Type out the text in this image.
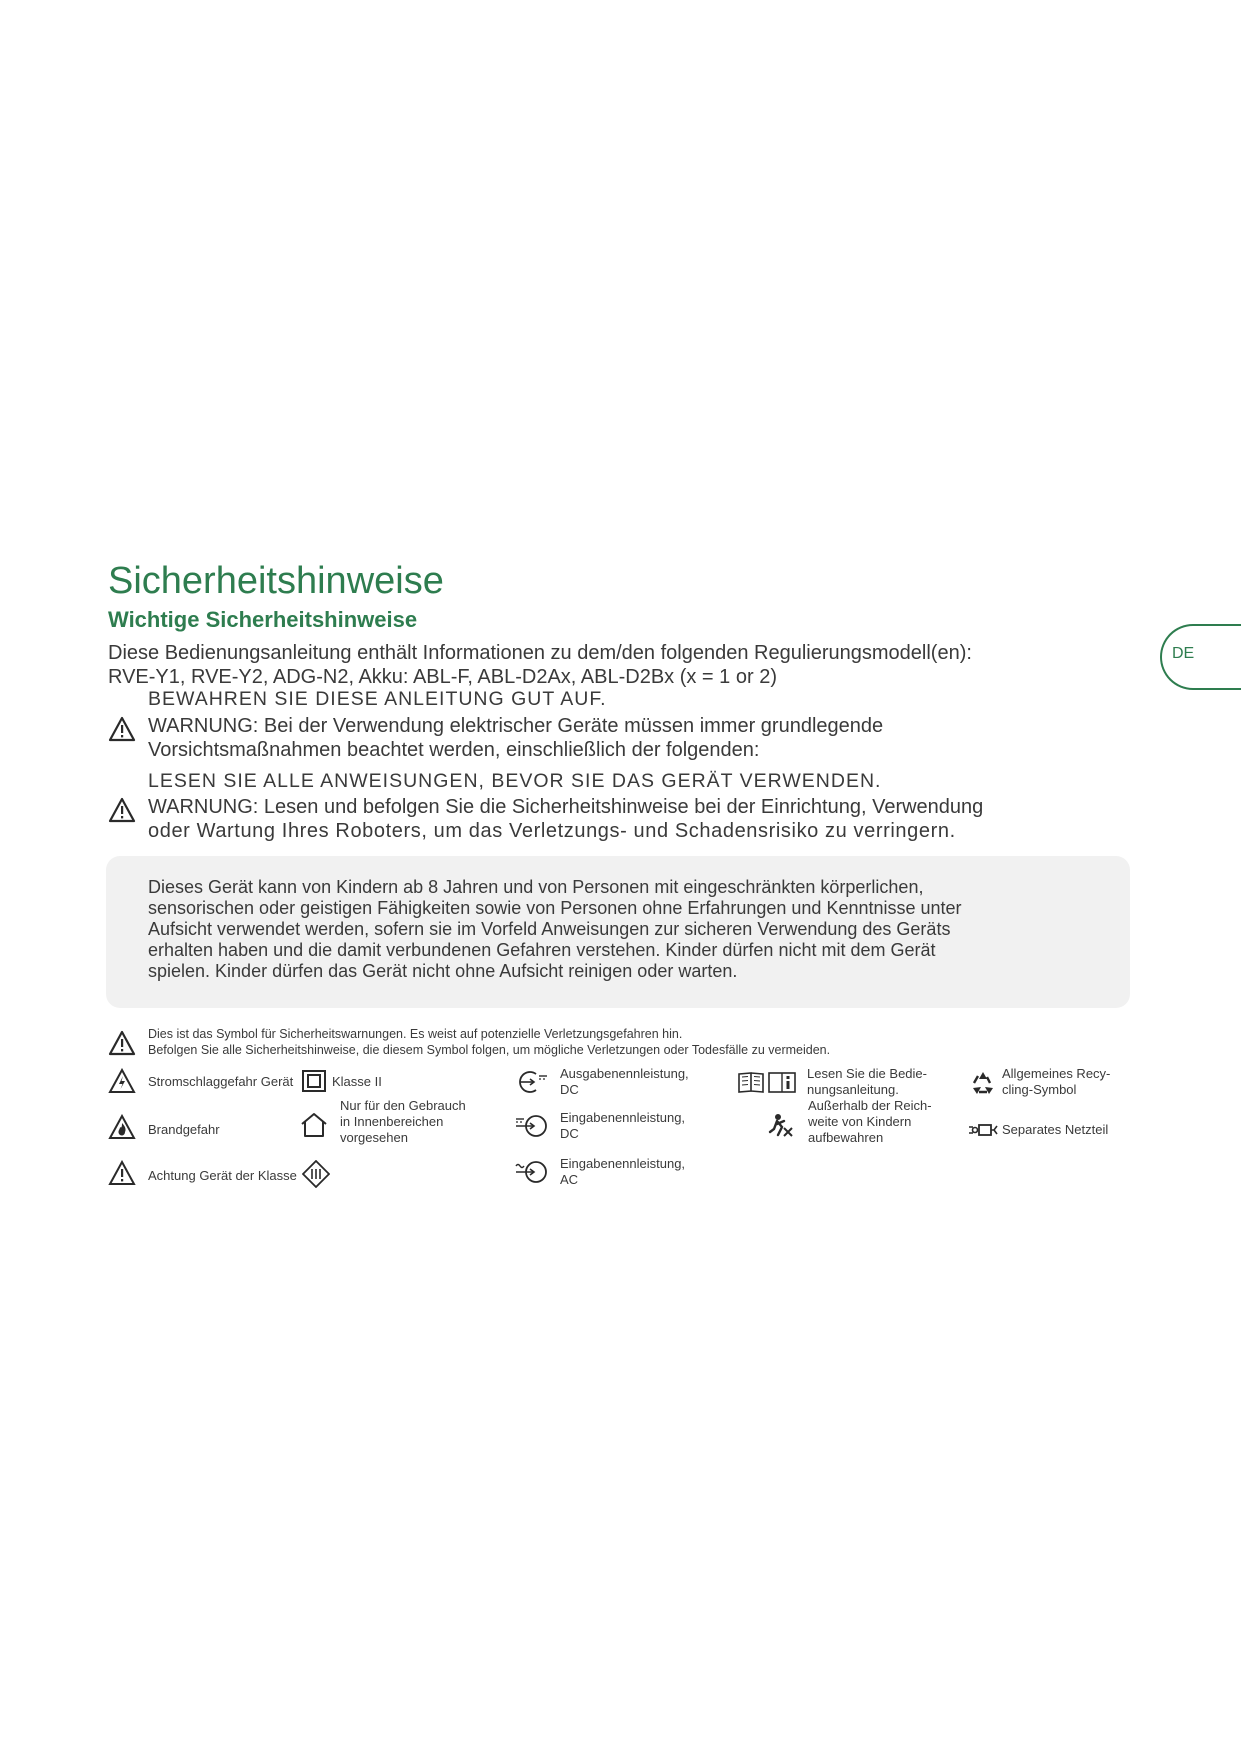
Sicherheitshinweise
Wichtige Sicherheitshinweise
DE
Diese Bedienungsanleitung enthält Informationen zu dem/den folgenden Regulierungsmodell(en):
RVE-Y1, RVE-Y2, ADG-N2, Akku: ABL-F, ABL-D2Ax, ABL-D2Bx (x = 1 or 2)
BEWAHREN SIE DIESE ANLEITUNG GUT AUF.
WARNUNG: Bei der Verwendung elektrischer Geräte müssen immer grundlegende
Vorsichtsmaßnahmen beachtet werden, einschließlich der folgenden:
LESEN SIE ALLE ANWEISUNGEN, BEVOR SIE DAS GERÄT VERWENDEN.
WARNUNG: Lesen und befolgen Sie die Sicherheitshinweise bei der Einrichtung, Verwendung
oder Wartung Ihres Roboters, um das Verletzungs- und Schadensrisiko zu verringern.
Dieses Gerät kann von Kindern ab 8 Jahren und von Personen mit eingeschränkten körperlichen,
sensorischen oder geistigen Fähigkeiten sowie von Personen ohne Erfahrungen und Kenntnisse unter
Aufsicht verwendet werden, sofern sie im Vorfeld Anweisungen zur sicheren Verwendung des Geräts
erhalten haben und die damit verbundenen Gefahren verstehen. Kinder dürfen nicht mit dem Gerät
spielen. Kinder dürfen das Gerät nicht ohne Aufsicht reinigen oder warten.
Dies ist das Symbol für Sicherheitswarnungen. Es weist auf potenzielle Verletzungsgefahren hin.
Befolgen Sie alle Sicherheitshinweise, die diesem Symbol folgen, um mögliche Verletzungen oder Todesfälle zu vermeiden.
Stromschlaggefahr Gerät	Klasse II
Ausgabenennleistung,
DC
Lesen Sie die Bedie-
nungsanleitung.
Allgemeines Recy-
cling-Symbol
Brandgefahr
Nur für den Gebrauch
in Innenbereichen
vorgesehen
Eingabenennleistung,
DC
Außerhalb der Reich-
weite von Kindern
aufbewahren
Separates Netzteil
Achtung Gerät der Klasse
Eingabenennleistung,
AC
